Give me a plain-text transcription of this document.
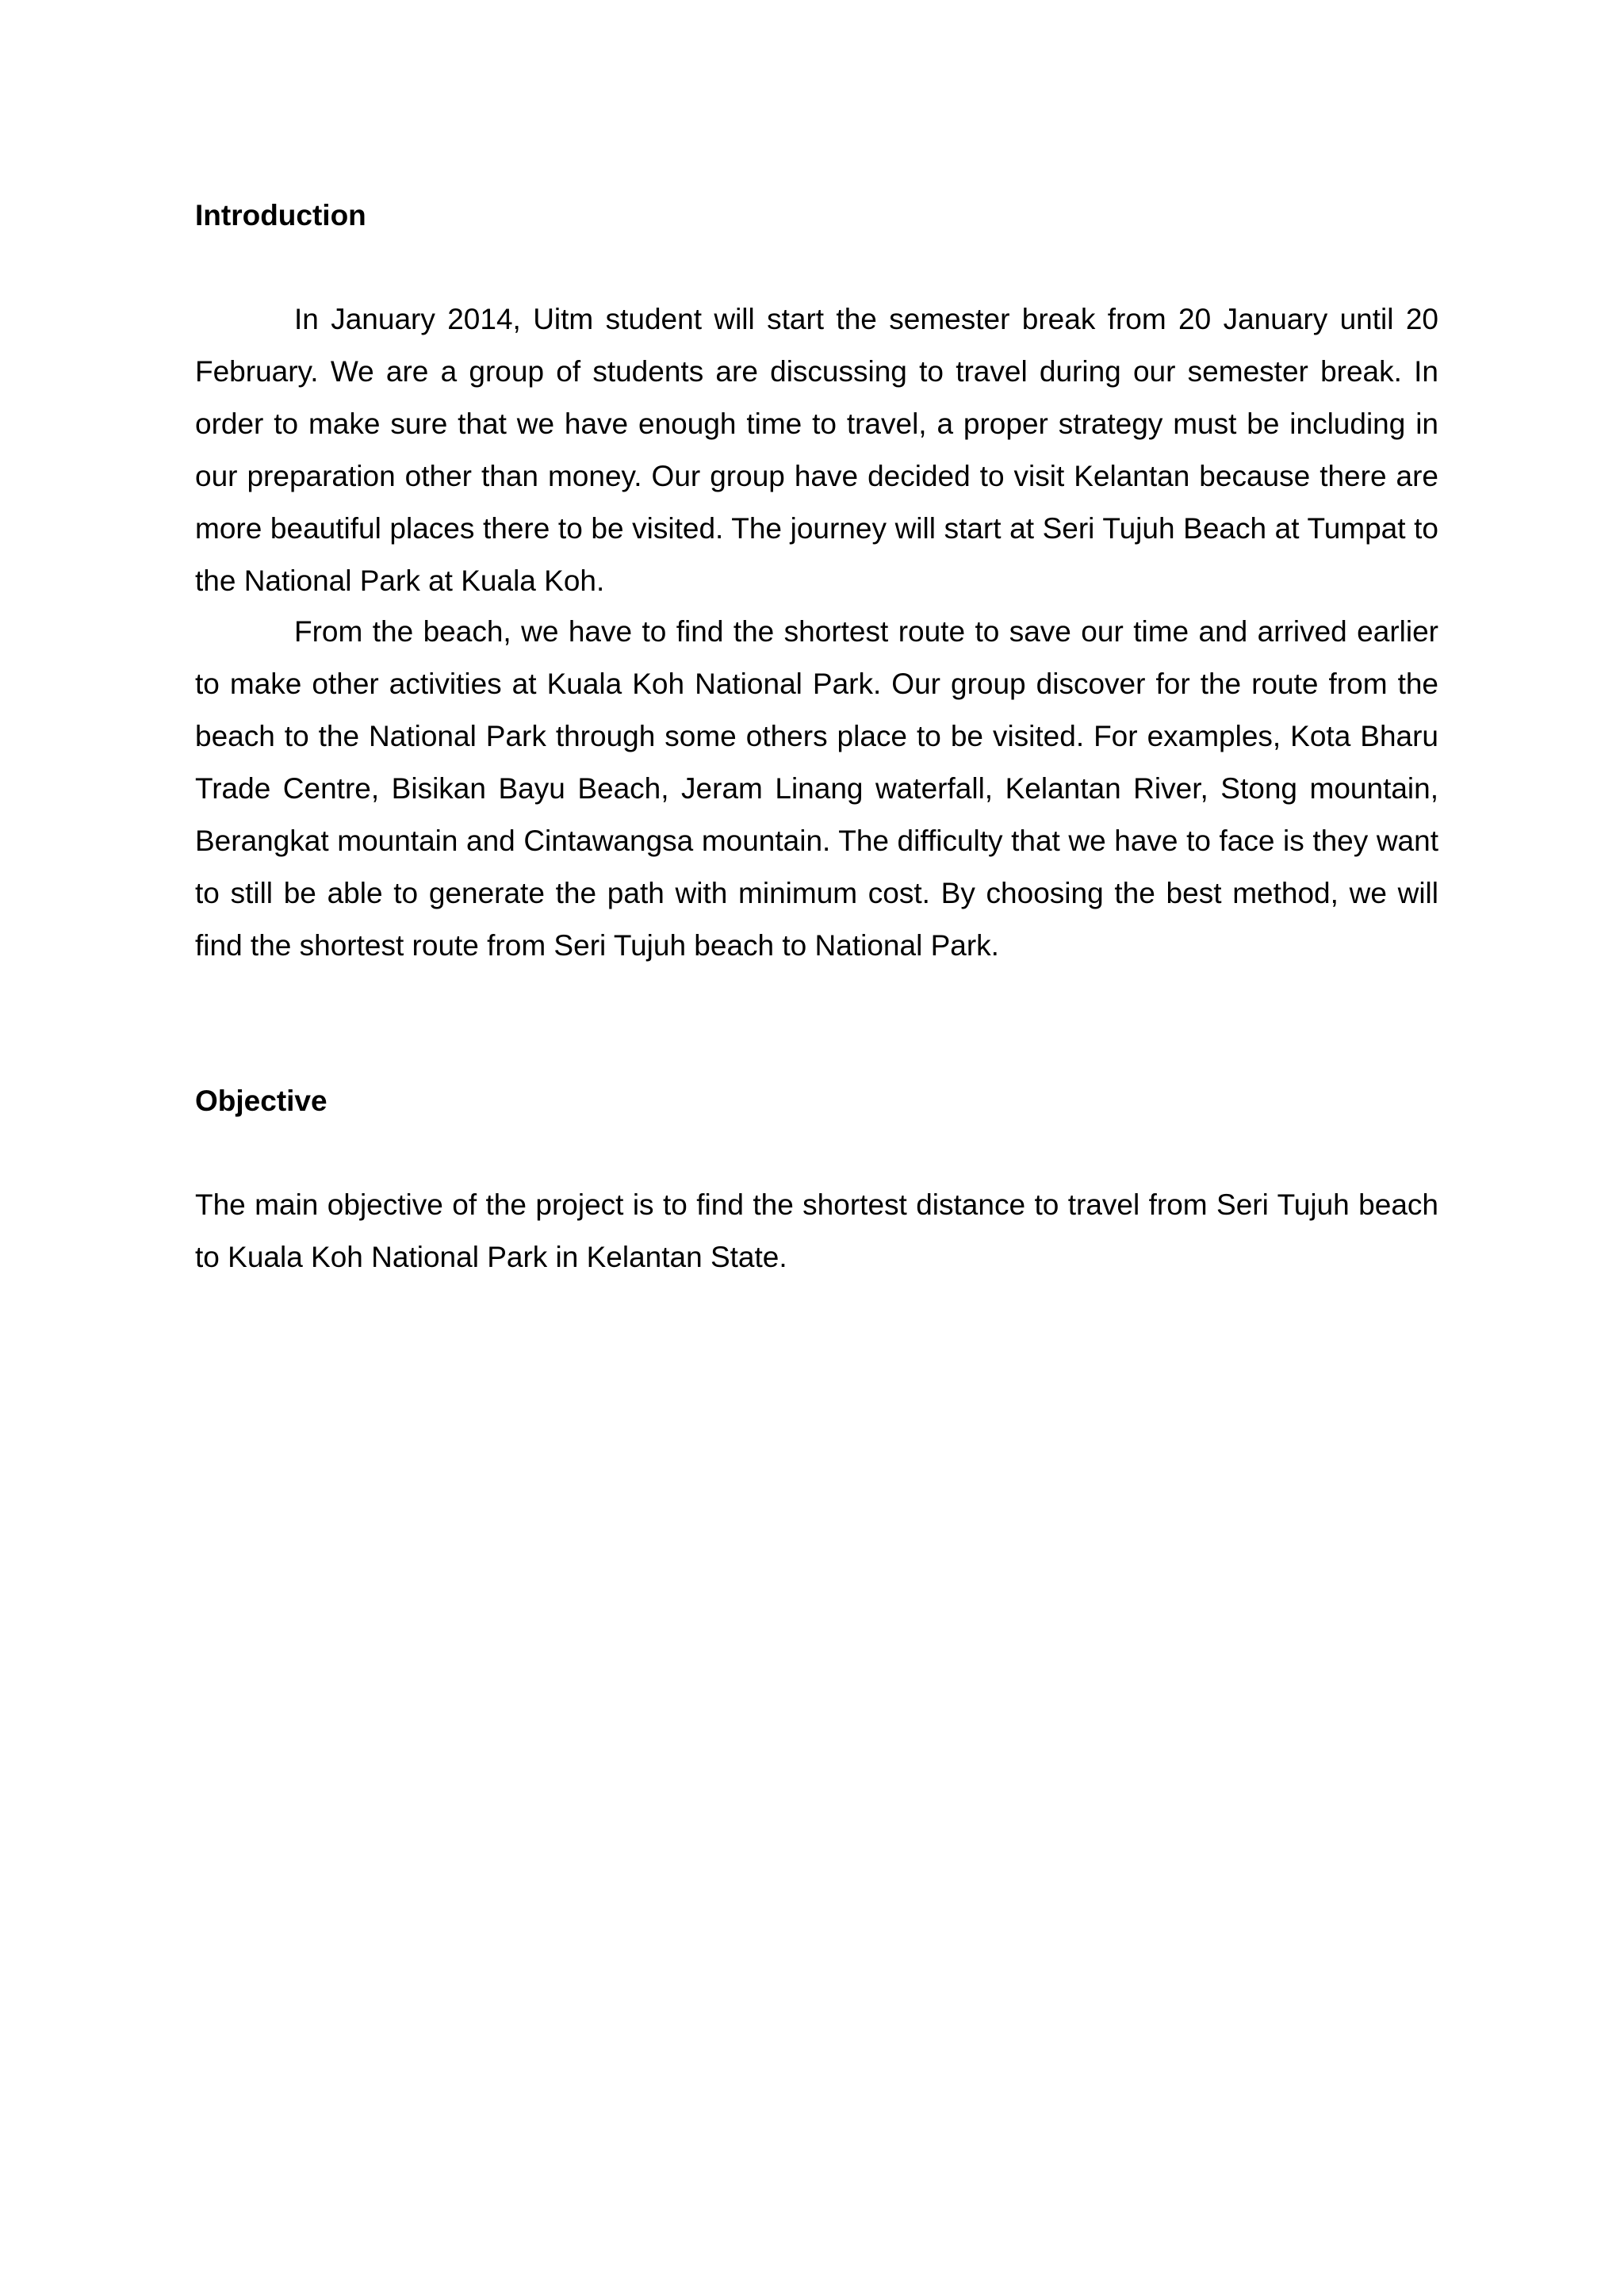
Introduction

In January 2014, Uitm student will start the semester break from 20 January until 20 February. We are a group of students are discussing to travel during our semester break. In order to make sure that we have enough time to travel, a proper strategy must be including in our preparation other than money. Our group have decided to visit Kelantan because there are more beautiful places there to be visited. The journey will start at Seri Tujuh Beach at Tumpat to the National Park at Kuala Koh.

From the beach, we have to find the shortest route to save our time and arrived earlier to make other activities at Kuala Koh National Park. Our group discover for the route from the beach to the National Park through some others place to be visited. For examples, Kota Bharu Trade Centre, Bisikan Bayu Beach, Jeram Linang waterfall, Kelantan River, Stong mountain, Berangkat mountain and Cintawangsa mountain. The difficulty that we have to face is they want to still be able to generate the path with minimum cost. By choosing the best method, we will find the shortest route from Seri Tujuh beach to National Park.

Objective

The main objective of the project is to find the shortest distance to travel from Seri Tujuh beach to Kuala Koh National Park in Kelantan State.
